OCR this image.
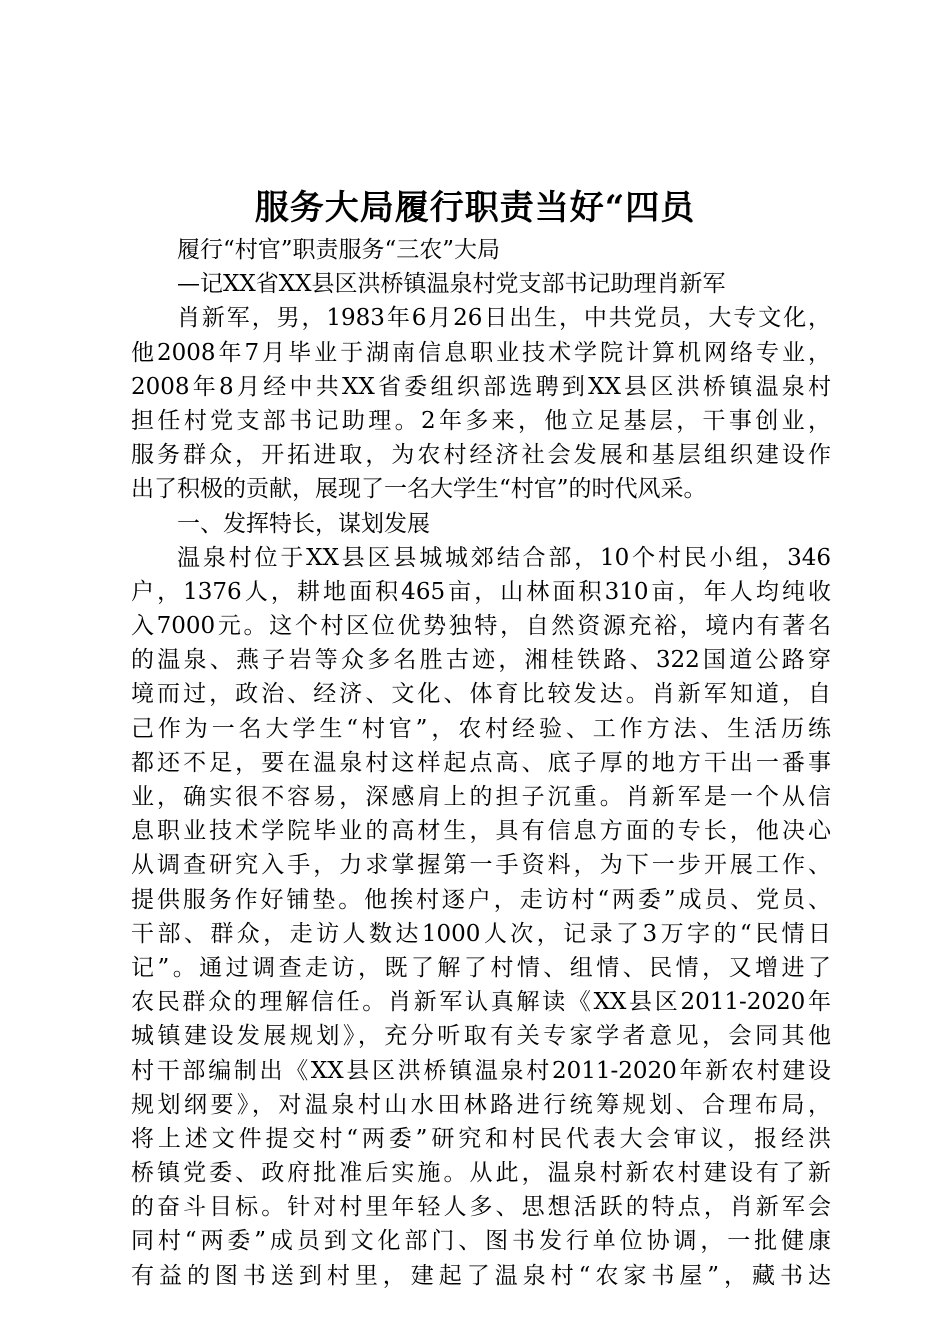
服务大局履行职责当好“四员
履行“村官”职责服务“三农”大局
—记XX省XX县区洪桥镇温泉村党支部书记助理肖新军
肖新军，男，1983年6月26日出生，中共党员，大专文化，
他2008年7月毕业于湖南信息职业技术学院计算机网络专业，
2008年8月经中共XX省委组织部选聘到XX县区洪桥镇温泉村
担任村党支部书记助理。2年多来，他立足基层，干事创业，
服务群众，开拓进取，为农村经济社会发展和基层组织建设作
出了积极的贡献，展现了一名大学生“村官”的时代风采。
一、发挥特长，谋划发展
温泉村位于XX县区县城城郊结合部，10个村民小组，346
户，1376人，耕地面积465亩，山林面积310亩，年人均纯收
入7000元。这个村区位优势独特，自然资源充裕，境内有著名
的温泉、燕子岩等众多名胜古迹，湘桂铁路、322国道公路穿
境而过，政治、经济、文化、体育比较发达。肖新军知道，自
己作为一名大学生“村官”，农村经验、工作方法、生活历练
都还不足，要在温泉村这样起点高、底子厚的地方干出一番事
业，确实很不容易，深感肩上的担子沉重。肖新军是一个从信
息职业技术学院毕业的高材生，具有信息方面的专长，他决心
从调查研究入手，力求掌握第一手资料，为下一步开展工作、
提供服务作好铺垫。他挨村逐户，走访村“两委”成员、党员、
干部、群众，走访人数达1000人次，记录了3万字的“民情日
记”。通过调查走访，既了解了村情、组情、民情，又增进了
农民群众的理解信任。肖新军认真解读《XX县区2011-2020年
城镇建设发展规划》，充分听取有关专家学者意见，会同其他
村干部编制出《XX县区洪桥镇温泉村2011-2020年新农村建设
规划纲要》，对温泉村山水田林路进行统筹规划、合理布局，
将上述文件提交村“两委”研究和村民代表大会审议，报经洪
桥镇党委、政府批准后实施。从此，温泉村新农村建设有了新
的奋斗目标。针对村里年轻人多、思想活跃的特点，肖新军会
同村“两委”成员到文化部门、图书发行单位协调，一批健康
有益的图书送到村里，建起了温泉村“农家书屋”，藏书达
